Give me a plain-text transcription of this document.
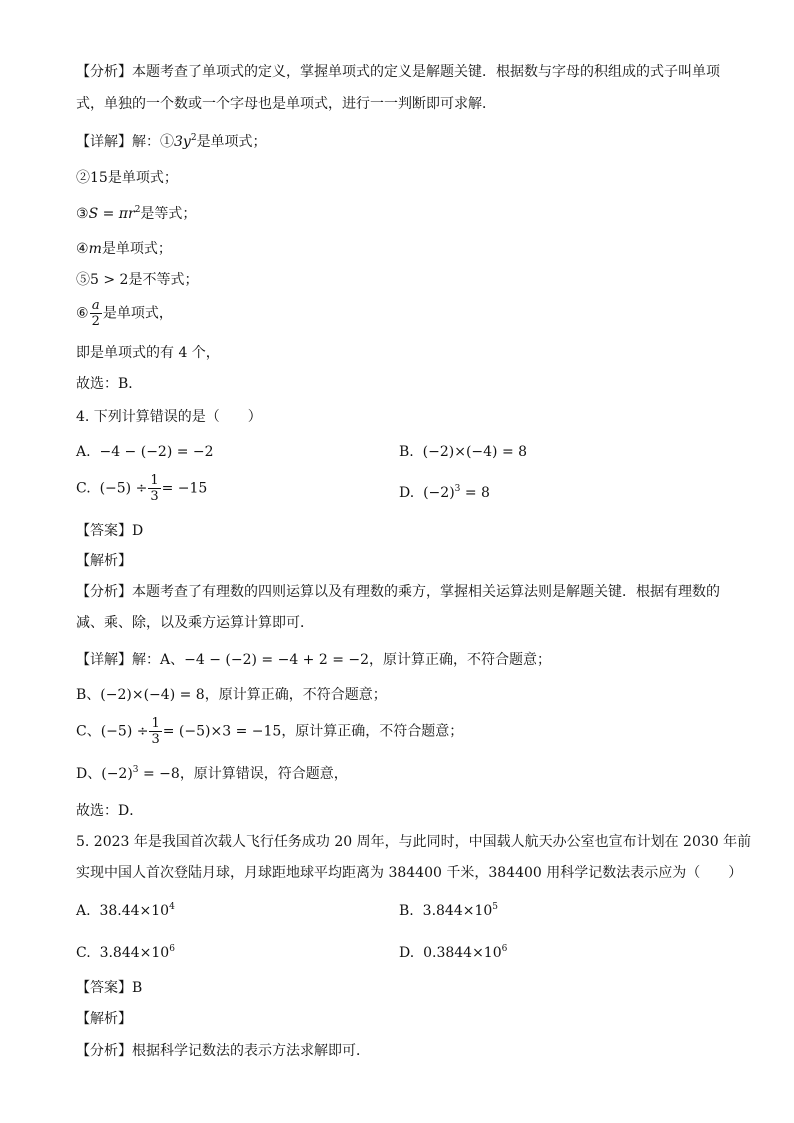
【分析】本题考查了单项式的定义，掌握单项式的定义是解题关键．根据数与字母的积组成的式子叫单项
式，单独的一个数或一个字母也是单项式，进行一一判断即可求解．
【详解】解：$①3y^2$是单项式；
②15是单项式；
③S = $\pi r^2$是等式；
④m是单项式；
⑤5 > 2是不等式；
⑥ $\frac{a}{2}$ 是单项式，
即是单项式的有 4 个，
故选：B．
4. 下列计算错误的是（　　）
A. −4 − (−2) = −2	B. (−2)×(−4) = 8
C. $(-5) \div \frac{1}{3} = -15$	D. $(-2)^3 = 8$
【答案】D
【解析】
【分析】本题考查了有理数的四则运算以及有理数的乘方，掌握相关运算法则是解题关键．根据有理数的
减、乘、除，以及乘方运算计算即可．
【详解】解：A、−4 − (−2) = −4 + 2 = −2，原计算正确，不符合题意；
B、(−2)×(−4) = 8，原计算正确，不符合题意；
C、$(-5) \div \frac{1}{3} = (-5)\times 3 = -15$，原计算正确，不符合题意；
D、$(-2)^3 = -8$，原计算错误，符合题意，
故选：D．
5. 2023 年是我国首次载人飞行任务成功 20 周年，与此同时，中国载人航天办公室也宣布计划在 2030 年前
实现中国人首次登陆月球，月球距地球平均距离为 384400 千米，384400 用科学记数法表示应为（　　）
A. $38.44\times 10^4$	B. $3.844\times 10^5$
C. $3.844\times 10^6$	D. $0.3844\times 10^6$
【答案】B
【解析】
【分析】根据科学记数法的表示方法求解即可．
